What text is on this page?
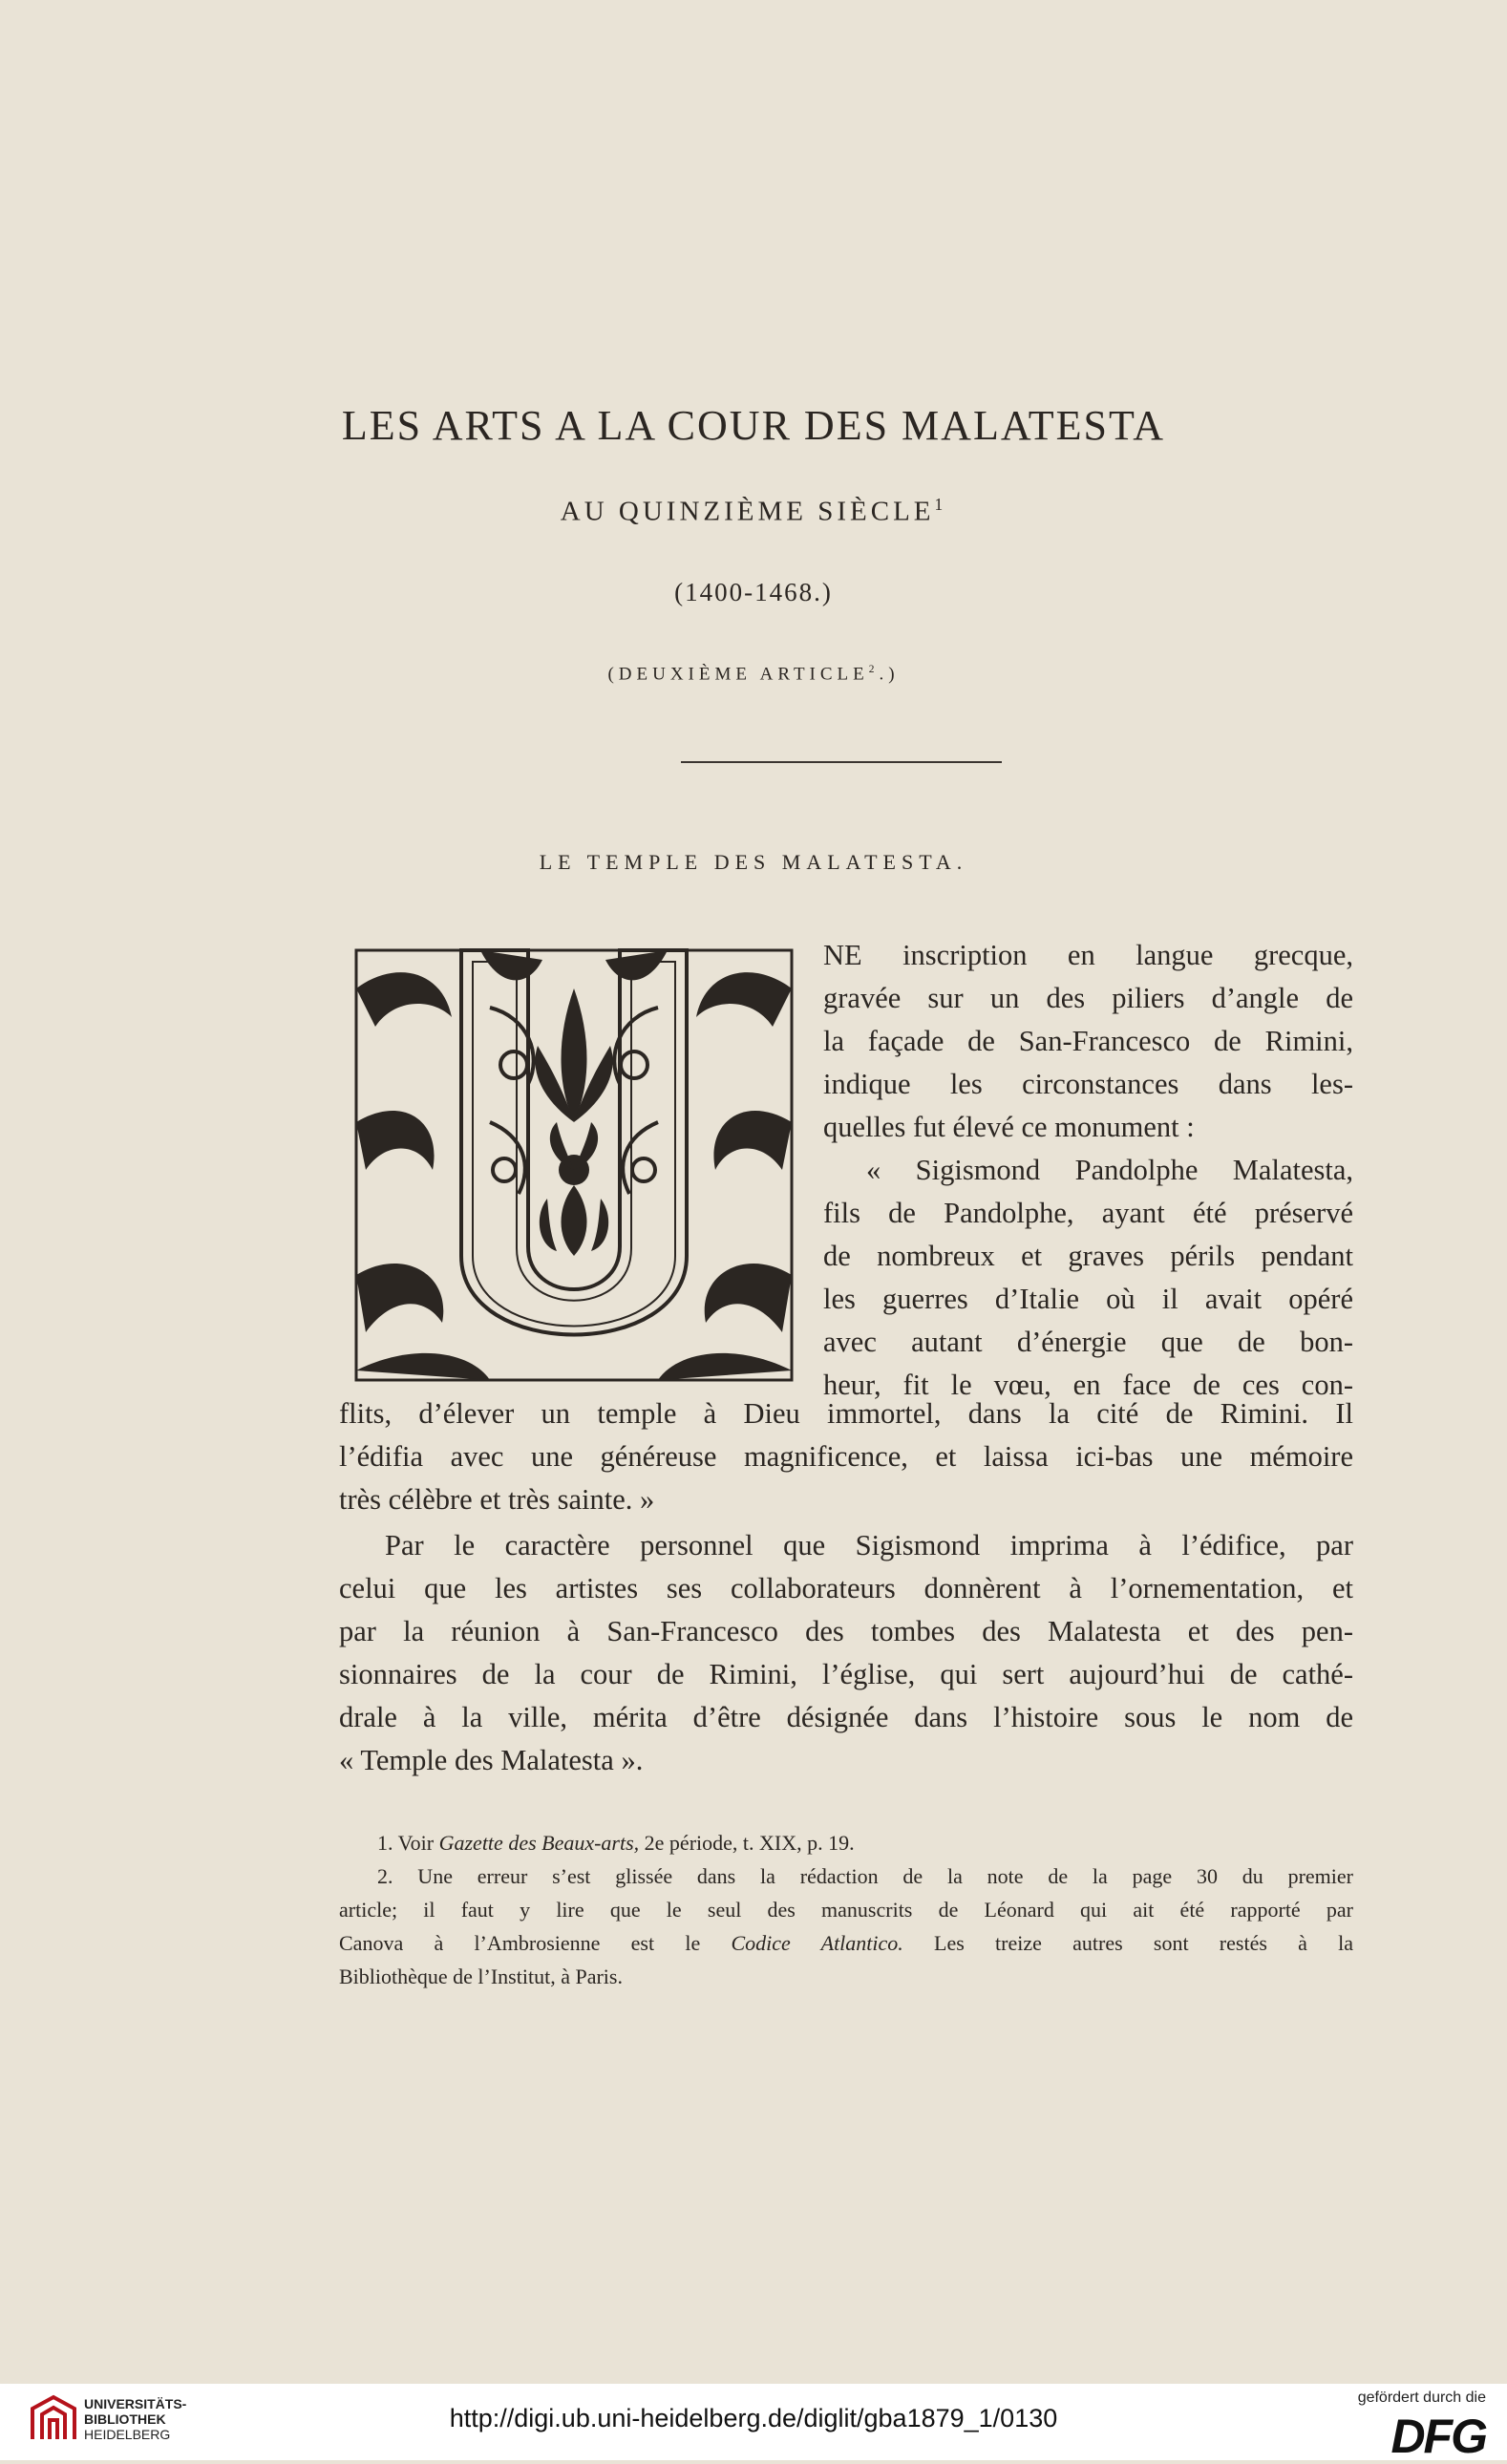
LES ARTS A LA COUR DES MALATESTA
AU QUINZIÈME SIÈCLE$^1$
(1400-1468.)
(DEUXIÈME ARTICLE$^2$.)
LE TEMPLE DES MALATESTA.
NE inscription en langue grecque,
gravée sur un des piliers d’angle de
la façade de San-Francesco de Rimini,
indique les circonstances dans les-
quelles fut élevé ce monument :
« Sigismond Pandolphe Malatesta,
fils de Pandolphe, ayant été préservé
de nombreux et graves périls pendant
les guerres d’Italie où il avait opéré
avec autant d’énergie que de bon-
heur, fit le vœu, en face de ces con-
flits, d’élever un temple à Dieu immortel, dans la cité de Rimini. Il
l’édifia avec une généreuse magnificence, et laissa ici-bas une mémoire
très célèbre et très sainte. »
Par le caractère personnel que Sigismond imprima à l’édifice, par
celui que les artistes ses collaborateurs donnèrent à l’ornementation, et
par la réunion à San-Francesco des tombes des Malatesta et des pen-
sionnaires de la cour de Rimini, l’église, qui sert aujourd’hui de cathé-
drale à la ville, mérita d’être désignée dans l’histoire sous le nom de
« Temple des Malatesta ».
1. Voir Gazette des Beaux-arts, 2e période, t. XIX, p. 19.
2. Une erreur s’est glissée dans la rédaction de la note de la page 30 du premier
article; il faut y lire que le seul des manuscrits de Léonard qui ait été rapporté par
Canova à l’Ambrosienne est le Codice Atlantico. Les treize autres sont restés à la
Bibliothèque de l’Institut, à Paris.
UNIVERSITÄTS-
BIBLIOTHEK
HEIDELBERG
http://digi.ub.uni-heidelberg.de/diglit/gba1879_1/0130
gefördert durch die
DFG
